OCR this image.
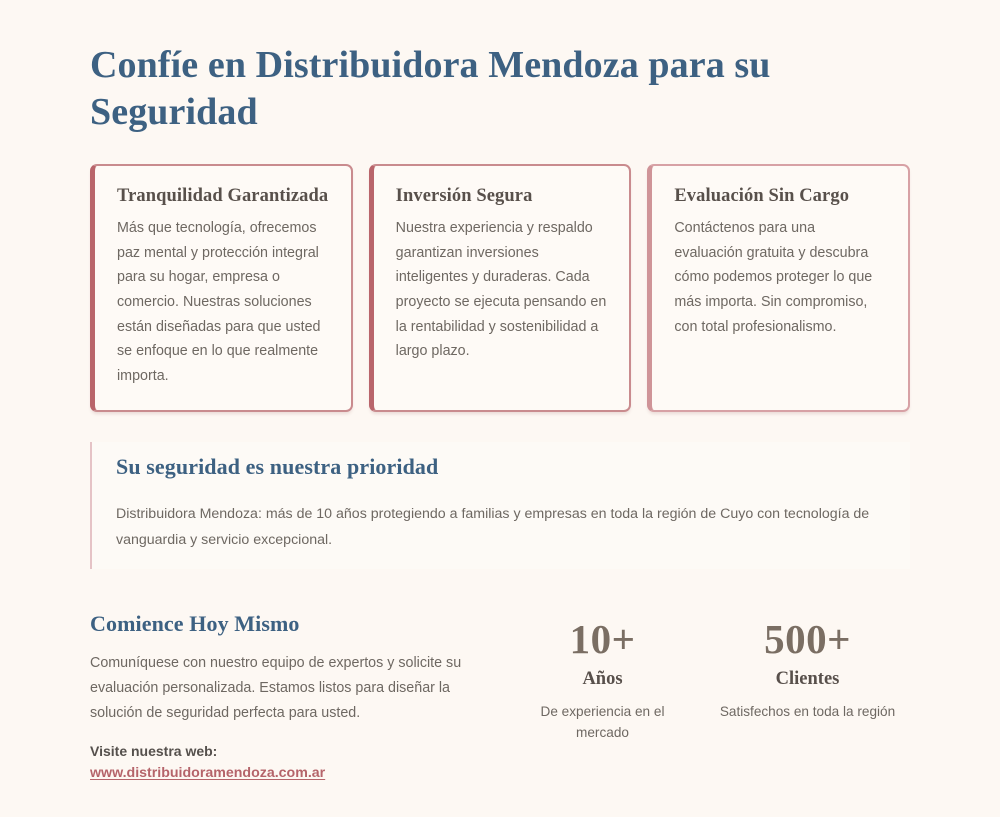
Confíe en Distribuidora Mendoza para su Seguridad
Tranquilidad Garantizada

Más que tecnología, ofrecemos paz mental y protección integral para su hogar, empresa o comercio. Nuestras soluciones están diseñadas para que usted se enfoque en lo que realmente importa.

Inversión Segura

Nuestra experiencia y respaldo garantizan inversiones inteligentes y duraderas. Cada proyecto se ejecuta pensando en la rentabilidad y sostenibilidad a largo plazo.

Evaluación Sin Cargo

Contáctenos para una evaluación gratuita y descubra cómo podemos proteger lo que más importa. Sin compromiso, con total profesionalismo.

Su seguridad es nuestra prioridad

Distribuidora Mendoza: más de 10 años protegiendo a familias y empresas en toda la región de Cuyo con tecnología de vanguardia y servicio excepcional.

Comience Hoy Mismo

Comuníquese con nuestro equipo de expertos y solicite su evaluación personalizada. Estamos listos para diseñar la solución de seguridad perfecta para usted.

Visite nuestra web:

www.distribuidoramendoza.com.ar
10+
Años
De experiencia en el mercado
500+
Clientes
Satisfechos en toda la región
